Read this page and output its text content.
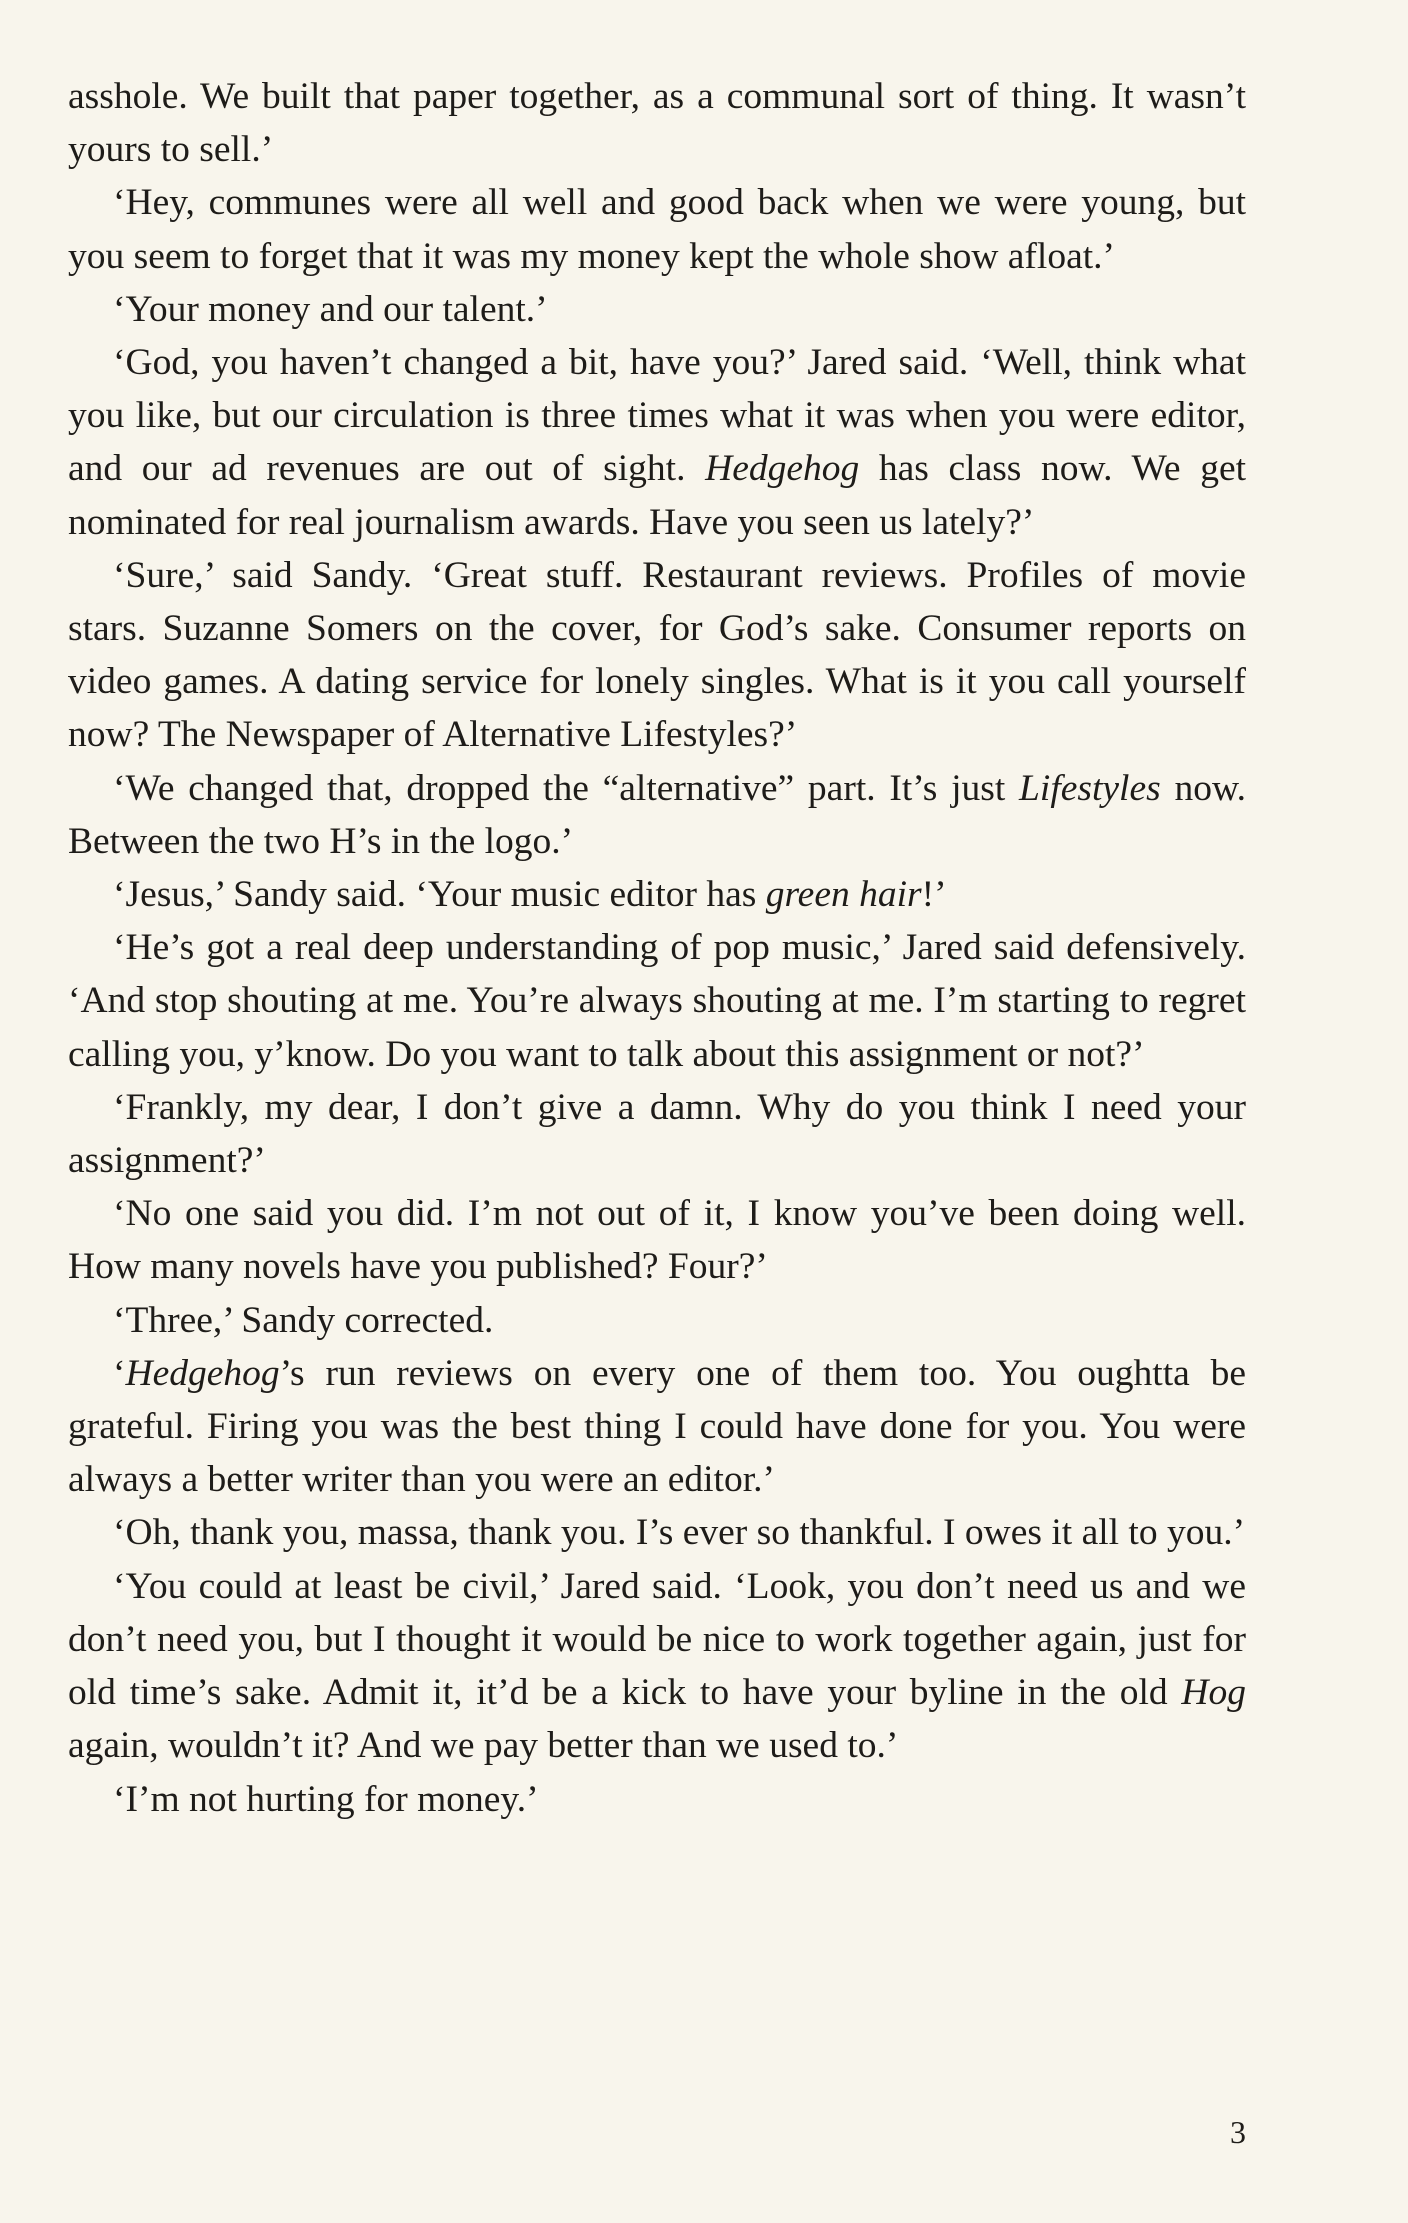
asshole. We built that paper together, as a communal sort of thing. It wasn’t yours to sell.’

‘Hey, communes were all well and good back when we were young, but you seem to forget that it was my money kept the whole show afloat.’

‘Your money and our talent.’

‘God, you haven’t changed a bit, have you?’ Jared said. ‘Well, think what you like, but our circulation is three times what it was when you were editor, and our ad revenues are out of sight. Hedgehog has class now. We get nominated for real journalism awards. Have you seen us lately?’

‘Sure,’ said Sandy. ‘Great stuff. Restaurant reviews. Profiles of movie stars. Suzanne Somers on the cover, for God’s sake. Consumer reports on video games. A dating service for lonely singles. What is it you call yourself now? The Newspaper of Alternative Lifestyles?’

‘We changed that, dropped the “alternative” part. It’s just Lifestyles now. Between the two H’s in the logo.’

‘Jesus,’ Sandy said. ‘Your music editor has green hair!’

‘He’s got a real deep understanding of pop music,’ Jared said defensively. ‘And stop shouting at me. You’re always shouting at me. I’m starting to regret calling you, y’know. Do you want to talk about this assignment or not?’

‘Frankly, my dear, I don’t give a damn. Why do you think I need your assignment?’

‘No one said you did. I’m not out of it, I know you’ve been doing well. How many novels have you published? Four?’

‘Three,’ Sandy corrected.

‘Hedgehog’s run reviews on every one of them too. You oughtta be grateful. Firing you was the best thing I could have done for you. You were always a better writer than you were an editor.’

‘Oh, thank you, massa, thank you. I’s ever so thankful. I owes it all to you.’

‘You could at least be civil,’ Jared said. ‘Look, you don’t need us and we don’t need you, but I thought it would be nice to work together again, just for old time’s sake. Admit it, it’d be a kick to have your byline in the old Hog again, wouldn’t it? And we pay better than we used to.’

‘I’m not hurting for money.’

3
